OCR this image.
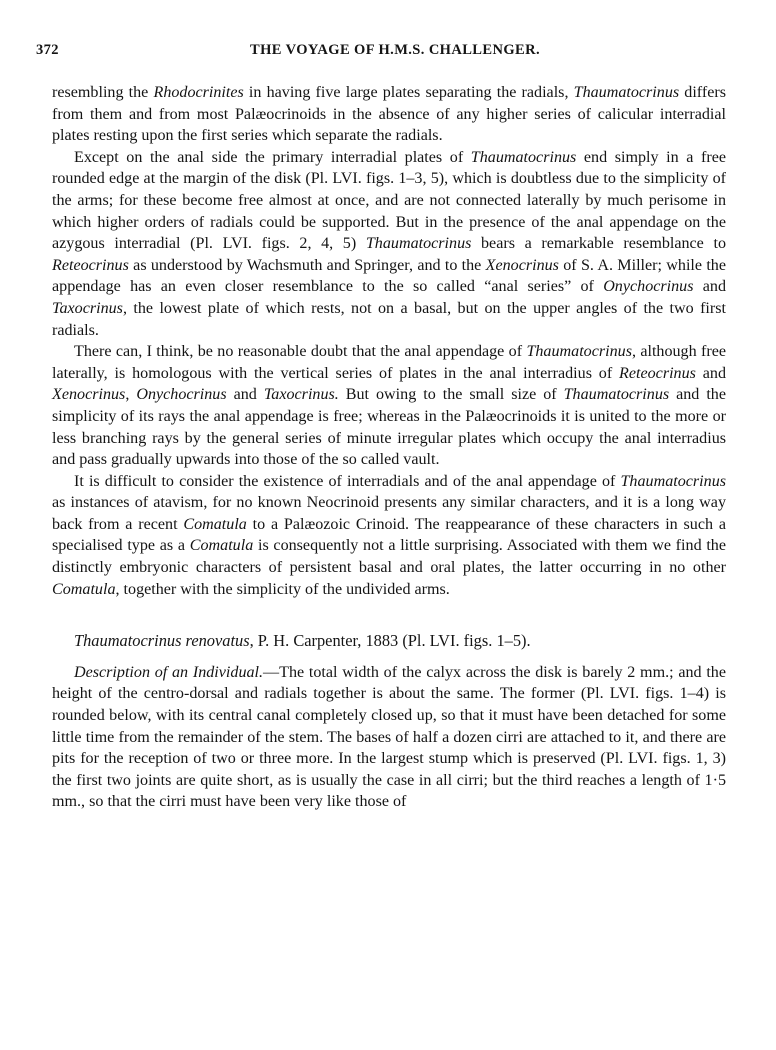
372	THE VOYAGE OF H.M.S. CHALLENGER.

resembling the Rhodocrinites in having five large plates separating the radials, Thaumatocrinus differs from them and from most Palæocrinoids in the absence of any higher series of calicular interradial plates resting upon the first series which separate the radials.

Except on the anal side the primary interradial plates of Thaumatocrinus end simply in a free rounded edge at the margin of the disk (Pl. LVI. figs. 1–3, 5), which is doubtless due to the simplicity of the arms; for these become free almost at once, and are not connected laterally by much perisome in which higher orders of radials could be supported. But in the presence of the anal appendage on the azygous interradial (Pl. LVI. figs. 2, 4, 5) Thaumatocrinus bears a remarkable resemblance to Reteocrinus as understood by Wachsmuth and Springer, and to the Xenocrinus of S. A. Miller; while the appendage has an even closer resemblance to the so called “anal series” of Onychocrinus and Taxocrinus, the lowest plate of which rests, not on a basal, but on the upper angles of the two first radials.

There can, I think, be no reasonable doubt that the anal appendage of Thaumatocrinus, although free laterally, is homologous with the vertical series of plates in the anal interradius of Reteocrinus and Xenocrinus, Onychocrinus and Taxocrinus. But owing to the small size of Thaumatocrinus and the simplicity of its rays the anal appendage is free; whereas in the Palæocrinoids it is united to the more or less branching rays by the general series of minute irregular plates which occupy the anal interradius and pass gradually upwards into those of the so called vault.

It is difficult to consider the existence of interradials and of the anal appendage of Thaumatocrinus as instances of atavism, for no known Neocrinoid presents any similar characters, and it is a long way back from a recent Comatula to a Palæozoic Crinoid. The reappearance of these characters in such a specialised type as a Comatula is consequently not a little surprising. Associated with them we find the distinctly embryonic characters of persistent basal and oral plates, the latter occurring in no other Comatula, together with the simplicity of the undivided arms.

Thaumatocrinus renovatus, P. H. Carpenter, 1883 (Pl. LVI. figs. 1–5).

Description of an Individual.—The total width of the calyx across the disk is barely 2 mm.; and the height of the centro-dorsal and radials together is about the same. The former (Pl. LVI. figs. 1–4) is rounded below, with its central canal completely closed up, so that it must have been detached for some little time from the remainder of the stem. The bases of half a dozen cirri are attached to it, and there are pits for the reception of two or three more. In the largest stump which is preserved (Pl. LVI. figs. 1, 3) the first two joints are quite short, as is usually the case in all cirri; but the third reaches a length of 1·5 mm., so that the cirri must have been very like those of
